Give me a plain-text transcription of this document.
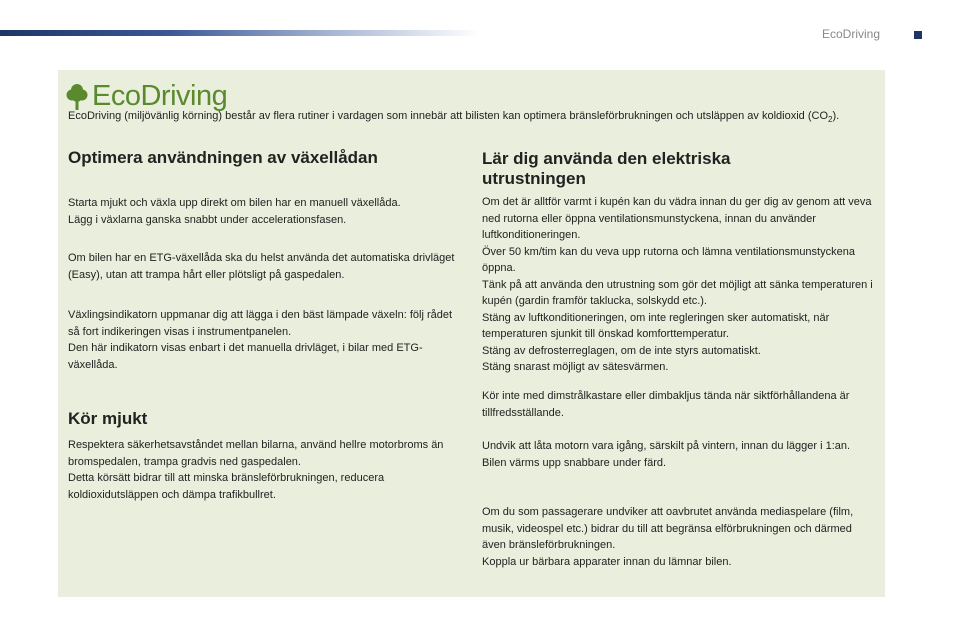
EcoDriving
EcoDriving
EcoDriving (miljövänlig körning) består av flera rutiner i vardagen som innebär att bilisten kan optimera bränsleförbrukningen och utsläppen av koldioxid $(CO_2)$.
Optimera användningen av växellådan

Starta mjukt och växla upp direkt om bilen har en manuell växellåda.
Lägg i växlarna ganska snabbt under accelerationsfasen.

Om bilen har en ETG-växellåda ska du helst använda det automatiska drivläget (Easy), utan att trampa hårt eller plötsligt på gaspedalen.

Växlingsindikatorn uppmanar dig att lägga i den bäst lämpade växeln: följ rådet så fort indikeringen visas i instrumentpanelen.
Den här indikatorn visas enbart i det manuella drivläget, i bilar med ETG-växellåda.

Kör mjukt

Respektera säkerhetsavståndet mellan bilarna, använd hellre motorbroms än bromspedalen, trampa gradvis ned gaspedalen.
Detta körsätt bidrar till att minska bränsleförbrukningen, reducera koldioxidutsläppen och dämpa trafikbullret.

Lär dig använda den elektriska utrustningen

Om det är alltför varmt i kupén kan du vädra innan du ger dig av genom att veva ned rutorna eller öppna ventilationsmunstyckena, innan du använder luftkonditioneringen.
Över 50 km/tim kan du veva upp rutorna och lämna ventilationsmunstyckena öppna.
Tänk på att använda den utrustning som gör det möjligt att sänka temperaturen i kupén (gardin framför taklucka, solskydd etc.).
Stäng av luftkonditioneringen, om inte regleringen sker automatiskt, när temperaturen sjunkit till önskad komforttemperatur.
Stäng av defrosterreglagen, om de inte styrs automatiskt.
Stäng snarast möjligt av sätesvärmen.

Kör inte med dimstrålkastare eller dimbakljus tända när siktförhållandena är tillfredsställande.

Undvik att låta motorn vara igång, särskilt på vintern, innan du lägger i 1:an. Bilen värms upp snabbare under färd.

Om du som passagerare undviker att oavbrutet använda mediaspelare (film, musik, videospel etc.) bidrar du till att begränsa elförbrukningen och därmed även bränsleförbrukningen.
Koppla ur bärbara apparater innan du lämnar bilen.
